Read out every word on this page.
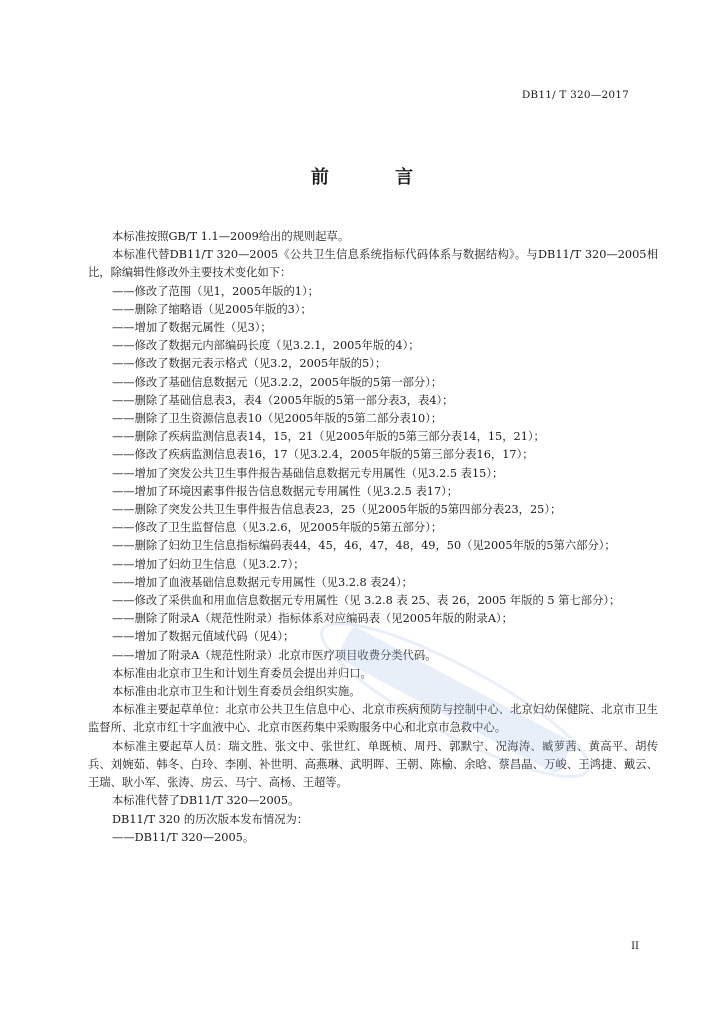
DB11/ T 320—2017
前 言

本标准按照GB/T 1.1—2009给出的规则起草。

本标准代替DB11/T 320—2005《公共卫生信息系统指标代码体系与数据结构》。与DB11/T 320—2005相比，除编辑性修改外主要技术变化如下：

——修改了范围（见1，2005年版的1）；

——删除了缩略语（见2005年版的3）；

——增加了数据元属性（见3）；

——修改了数据元内部编码长度（见3.2.1，2005年版的4）；

——修改了数据元表示格式（见3.2，2005年版的5）；

——修改了基础信息数据元（见3.2.2，2005年版的5第一部分）；

——删除了基础信息表3，表4（2005年版的5第一部分表3，表4）；

——删除了卫生资源信息表10（见2005年版的5第二部分表10）；

——删除了疾病监测信息表14，15，21（见2005年版的5第三部分表14，15，21）；

——修改了疾病监测信息表16，17（见3.2.4，2005年版的5第三部分表16，17）；

——增加了突发公共卫生事件报告基础信息数据元专用属性（见3.2.5 表15）；

——增加了环境因素事件报告信息数据元专用属性（见3.2.5 表17）；

——删除了突发公共卫生事件报告信息表23，25（见2005年版的5第四部分表23，25）；

——修改了卫生监督信息（见3.2.6，见2005年版的5第五部分）；

——删除了妇幼卫生信息指标编码表44，45，46，47，48，49，50（见2005年版的5第六部分）；

——增加了妇幼卫生信息（见3.2.7）；

——增加了血液基础信息数据元专用属性（见3.2.8 表24）；

——修改了采供血和用血信息数据元专用属性（见 3.2.8 表 25、表 26，2005 年版的 5 第七部分）；

——删除了附录A（规范性附录）指标体系对应编码表（见2005年版的附录A）；

——增加了数据元值域代码（见4）；

——增加了附录A（规范性附录）北京市医疗项目收费分类代码。

本标准由北京市卫生和计划生育委员会提出并归口。

本标准由北京市卫生和计划生育委员会组织实施。

本标准主要起草单位：北京市公共卫生信息中心、北京市疾病预防与控制中心、北京妇幼保健院、北京市卫生监督所、北京市红十字血液中心、北京市医药集中采购服务中心和北京市急救中心。

本标准主要起草人员：瑞文胜、张文中、张世红、单既桢、周丹、郭默宁、况海涛、臧萝茜、黄高平、胡传兵、刘婉茹、韩冬、白玲、李刚、补世明、高燕琳、武明晖、王朝、陈榆、余晗、蔡昌晶、万峻、王鸿捷、戴云、王瑞、耿小军、张涛、房云、马宁、高杨、王超等。

本标准代替了DB11/T 320—2005。

DB11/T 320 的历次版本发布情况为：

——DB11/T 320—2005。

II
